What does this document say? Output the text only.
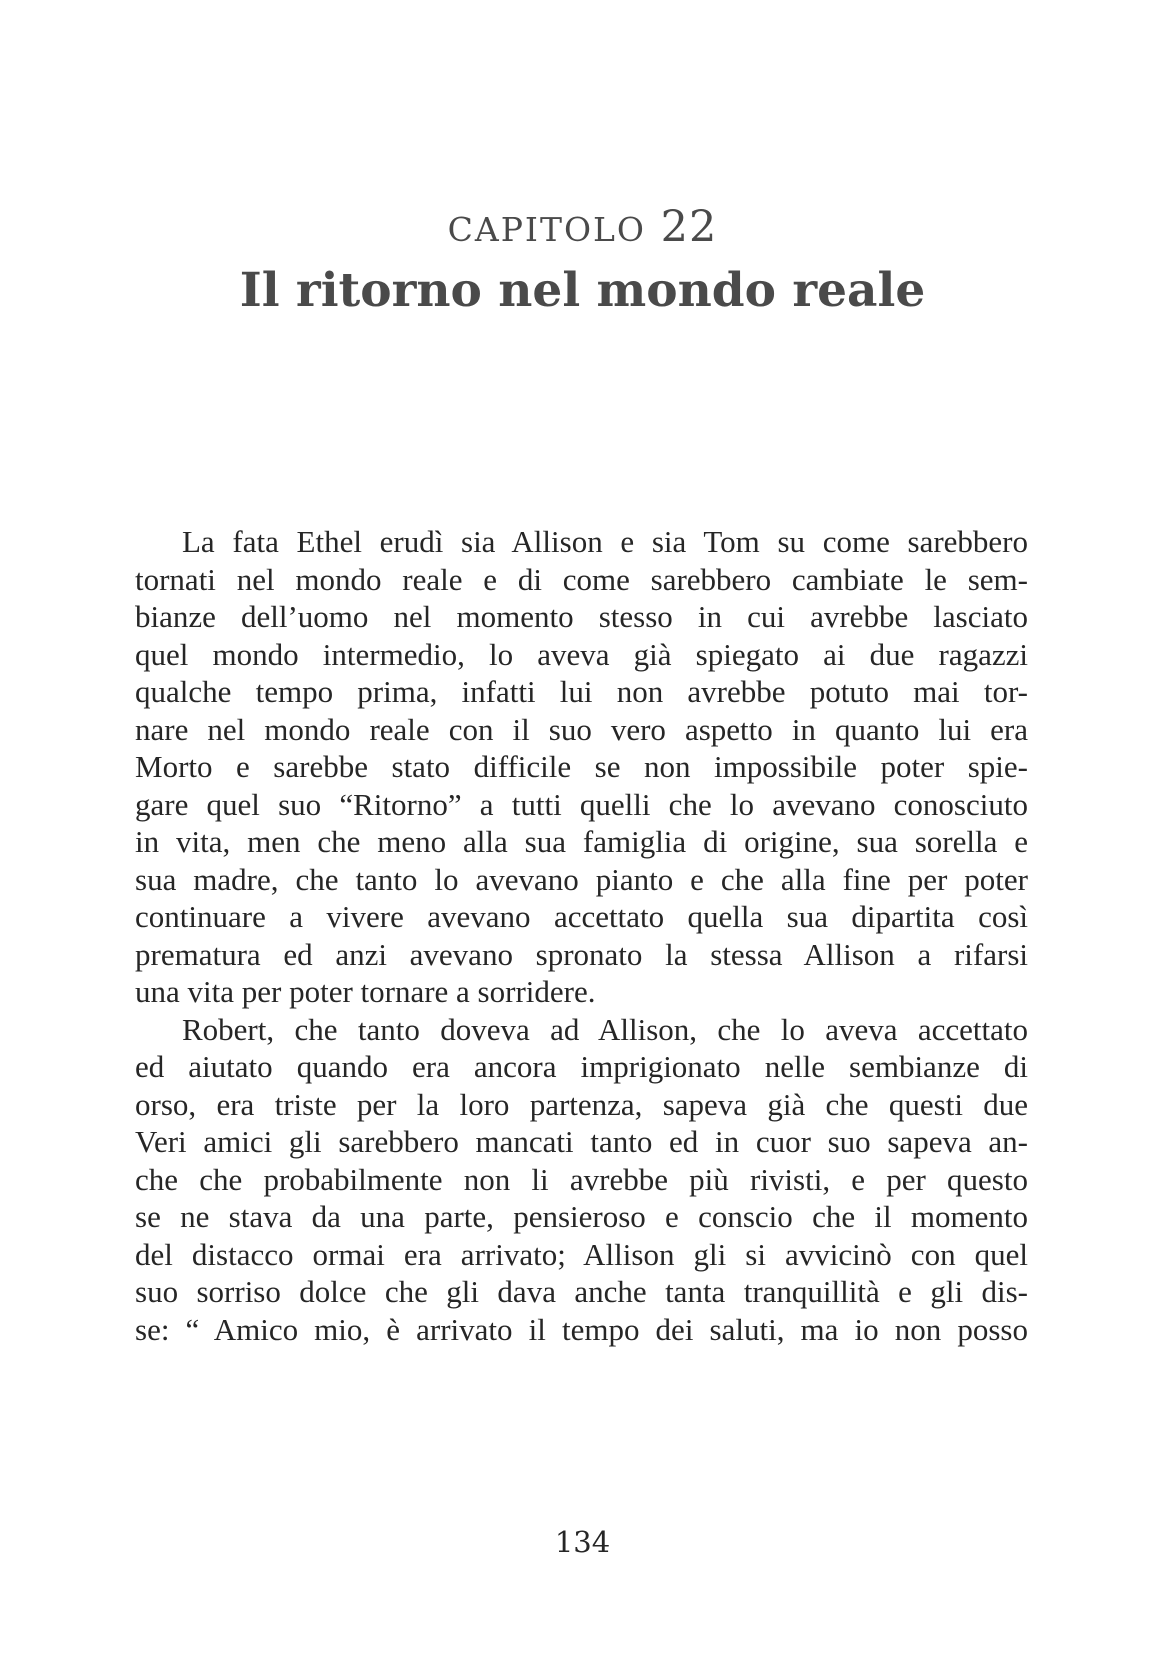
CAPITOLO 22
Il ritorno nel mondo reale
La fata Ethel erudì sia Allison e sia Tom su come sarebbero
tornati nel mondo reale e di come sarebbero cambiate le sem-
bianze dell’uomo nel momento stesso in cui avrebbe lasciato
quel mondo intermedio, lo aveva già spiegato ai due ragazzi
qualche tempo prima, infatti lui non avrebbe potuto mai tor-
nare nel mondo reale con il suo vero aspetto in quanto lui era
Morto e sarebbe stato difficile se non impossibile poter spie-
gare quel suo “Ritorno” a tutti quelli che lo avevano conosciuto
in vita, men che meno alla sua famiglia di origine, sua sorella e
sua madre, che tanto lo avevano pianto e che alla fine per poter
continuare a vivere avevano accettato quella sua dipartita così
prematura ed anzi avevano spronato la stessa Allison a rifarsi
una vita per poter tornare a sorridere.
Robert, che tanto doveva ad Allison, che lo aveva accettato
ed aiutato quando era ancora imprigionato nelle sembianze di
orso, era triste per la loro partenza, sapeva già che questi due
Veri amici gli sarebbero mancati tanto ed in cuor suo sapeva an-
che che probabilmente non li avrebbe più rivisti, e per questo
se ne stava da una parte, pensieroso e conscio che il momento
del distacco ormai era arrivato; Allison gli si avvicinò con quel
suo sorriso dolce che gli dava anche tanta tranquillità e gli dis-
se: “ Amico mio, è arrivato il tempo dei saluti, ma io non posso
134
